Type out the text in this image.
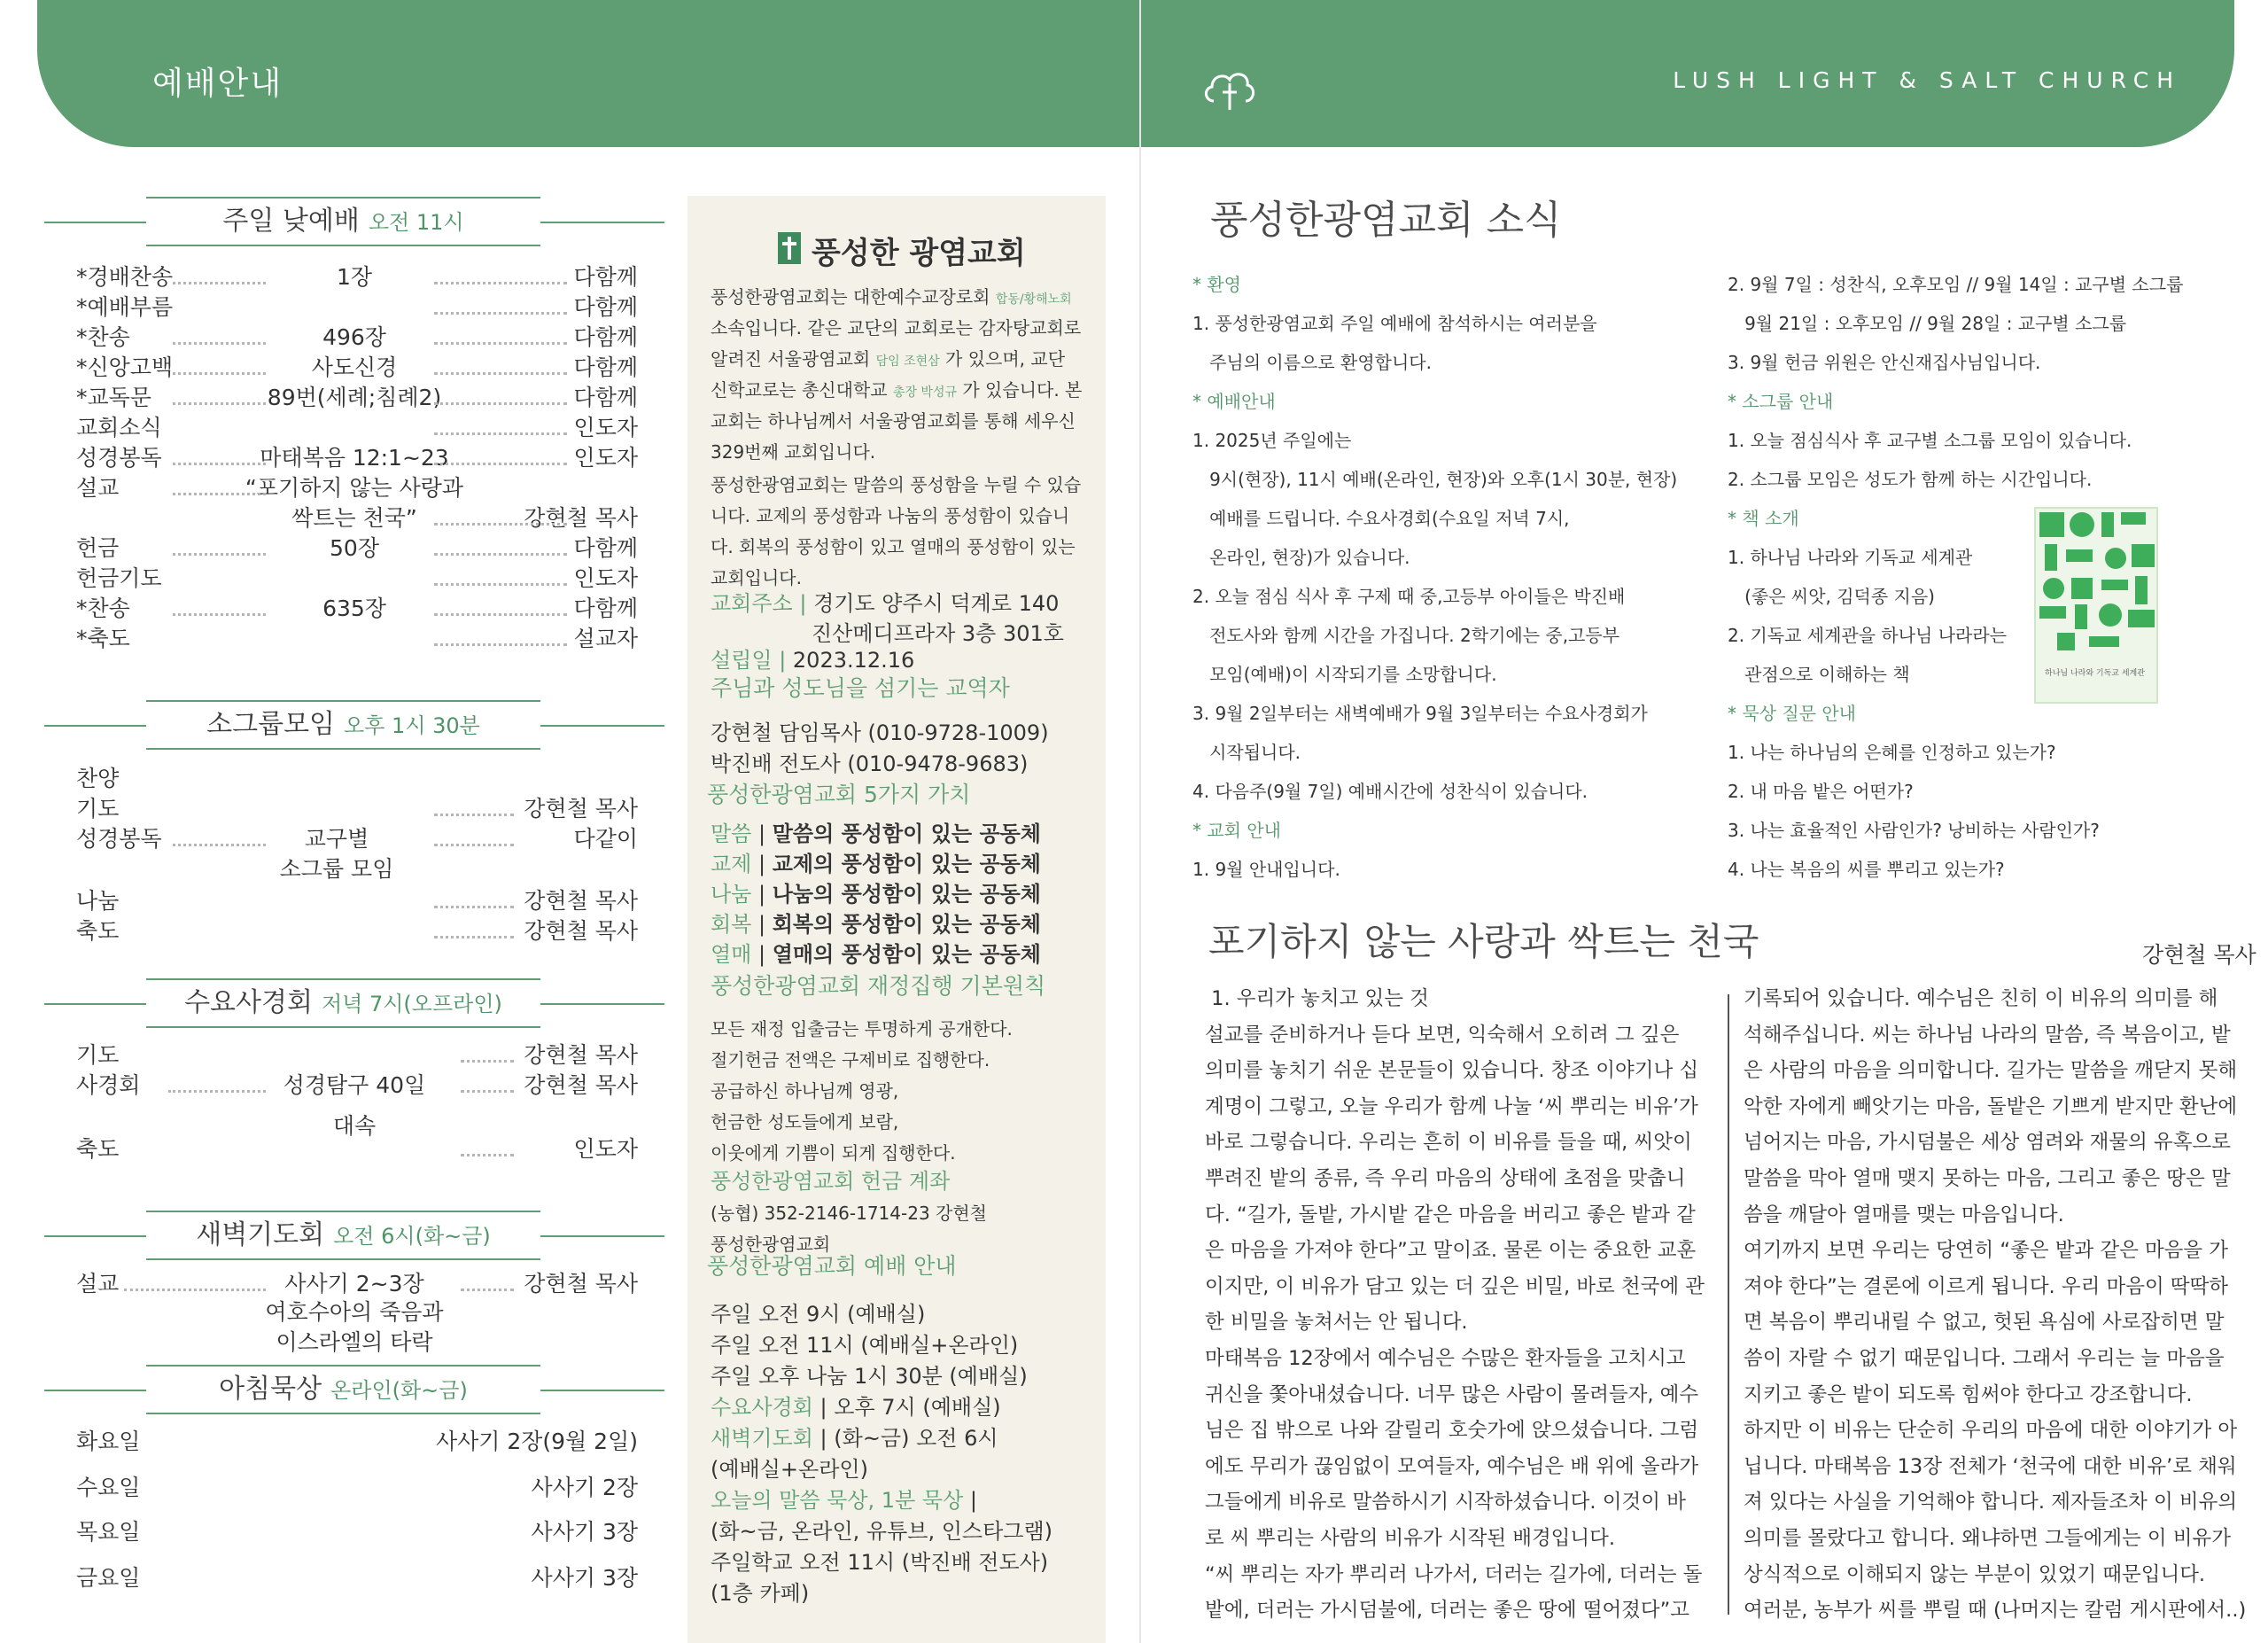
예배안내	LUSH LIGHT & SALT CHURCH
주일 낮예배 오전 11시
*경배찬송	1장	다함께
*예배부름	다함께
*찬송	496장	다함께
*신앙고백	사도신경	다함께
*교독문	89번(세례;침례2)	다함께
교회소식	인도자
성경봉독	마태복음 12:1~23	인도자
설교	“포기하지 않는 사랑과
싹트는 천국”	강현철 목사
헌금	50장	다함께
헌금기도	인도자
*찬송	635장	다함께
*축도	설교자
소그룹모임 오후 1시 30분
찬양
기도	강현철 목사
성경봉독	교구별	다같이
소그룹 모임
나눔	강현철 목사
축도	강현철 목사
수요사경회 저녁 7시(오프라인)
기도	강현철 목사
사경회	성경탐구 40일	강현철 목사
대속
축도	인도자
새벽기도회 오전 6시(화~금)
설교	사사기 2~3장	강현철 목사
여호수아의 죽음과
이스라엘의 타락
아침묵상 온라인(화~금)
화요일	사사기 2장(9월 2일)
수요일	사사기 2장
목요일	사사기 3장
금요일	사사기 3장
풍성한 광염교회
풍성한광염교회는 대한예수교장로회 합동/황해노회
소속입니다. 같은 교단의 교회로는 감자탕교회로
알려진 서울광염교회 담임 조현삼 가 있으며, 교단
신학교로는 총신대학교 총장 박성규 가 있습니다. 본
교회는 하나님께서 서울광염교회를 통해 세우신
329번째 교회입니다.
풍성한광염교회는 말씀의 풍성함을 누릴 수 있습
니다. 교제의 풍성함과 나눔의 풍성함이 있습니
다. 회복의 풍성함이 있고 열매의 풍성함이 있는
교회입니다.
교회주소 | 경기도 양주시 덕계로 140
진산메디프라자 3층 301호
설립일 | 2023.12.16
주님과 성도님을 섬기는 교역자
강현철 담임목사 (010-9728-1009)
박진배 전도사 (010-9478-9683)
풍성한광염교회 5가지 가치
말씀 | 말씀의 풍성함이 있는 공동체
교제 | 교제의 풍성함이 있는 공동체
나눔 | 나눔의 풍성함이 있는 공동체
회복 | 회복의 풍성함이 있는 공동체
열매 | 열매의 풍성함이 있는 공동체
풍성한광염교회 재정집행 기본원칙
모든 재정 입출금는 투명하게 공개한다.
절기헌금 전액은 구제비로 집행한다.
공급하신 하나님께 영광,
헌금한 성도들에게 보람,
이웃에게 기쁨이 되게 집행한다.
풍성한광염교회 헌금 계좌
(농협) 352-2146-1714-23 강현철
풍성한광염교회
풍성한광염교회 예배 안내
주일 오전 9시 (예배실)
주일 오전 11시 (예배실+온라인)
주일 오후 나눔 1시 30분 (예배실)
수요사경회 | 오후 7시 (예배실)
새벽기도회 | (화~금) 오전 6시
(예배실+온라인)
오늘의 말씀 묵상, 1분 묵상 |
(화~금, 온라인, 유튜브, 인스타그램)
주일학교 오전 11시 (박진배 전도사)
(1층 카페)
풍성한광염교회 소식
* 환영
1. 풍성한광염교회 주일 예배에 참석하시는 여러분을
주님의 이름으로 환영합니다.
* 예배안내
1. 2025년 주일에는
9시(현장), 11시 예배(온라인, 현장)와 오후(1시 30분, 현장)
예배를 드립니다. 수요사경회(수요일 저녁 7시,
온라인, 현장)가 있습니다.
2. 오늘 점심 식사 후 구제 때 중,고등부 아이들은 박진배
전도사와 함께 시간을 가집니다. 2학기에는 중,고등부
모임(예배)이 시작되기를 소망합니다.
3. 9월 2일부터는 새벽예배가 9월 3일부터는 수요사경회가
시작됩니다.
4. 다음주(9월 7일) 예배시간에 성찬식이 있습니다.
* 교회 안내
1. 9월 안내입니다.
2. 9월 7일 : 성찬식, 오후모임 // 9월 14일 : 교구별 소그룹
9월 21일 : 오후모임 // 9월 28일 : 교구별 소그룹
3. 9월 헌금 위원은 안신재집사님입니다.
* 소그룹 안내
1. 오늘 점심식사 후 교구별 소그룹 모임이 있습니다.
2. 소그룹 모임은 성도가 함께 하는 시간입니다.
* 책 소개
1. 하나님 나라와 기독교 세계관
(좋은 씨앗, 김덕종 지음)
2. 기독교 세계관을 하나님 나라라는
관점으로 이해하는 책
* 묵상 질문 안내
1. 나는 하나님의 은혜를 인정하고 있는가?
2. 내 마음 밭은 어떤가?
3. 나는 효율적인 사람인가? 낭비하는 사람인가?
4. 나는 복음의 씨를 뿌리고 있는가?
하나님 나라와 기독교 세계관
포기하지 않는 사랑과 싹트는 천국	강현철 목사
1. 우리가 놓치고 있는 것
설교를 준비하거나 듣다 보면, 익숙해서 오히려 그 깊은
의미를 놓치기 쉬운 본문들이 있습니다. 창조 이야기나 십
계명이 그렇고, 오늘 우리가 함께 나눌 ‘씨 뿌리는 비유’가
바로 그렇습니다. 우리는 흔히 이 비유를 들을 때, 씨앗이
뿌려진 밭의 종류, 즉 우리 마음의 상태에 초점을 맞춥니
다. “길가, 돌밭, 가시밭 같은 마음을 버리고 좋은 밭과 같
은 마음을 가져야 한다”고 말이죠. 물론 이는 중요한 교훈
이지만, 이 비유가 담고 있는 더 깊은 비밀, 바로 천국에 관
한 비밀을 놓쳐서는 안 됩니다.
마태복음 12장에서 예수님은 수많은 환자들을 고치시고
귀신을 쫓아내셨습니다. 너무 많은 사람이 몰려들자, 예수
님은 집 밖으로 나와 갈릴리 호숫가에 앉으셨습니다. 그럼
에도 무리가 끊임없이 모여들자, 예수님은 배 위에 올라가
그들에게 비유로 말씀하시기 시작하셨습니다. 이것이 바
로 씨 뿌리는 사람의 비유가 시작된 배경입니다.
“씨 뿌리는 자가 뿌리러 나가서, 더러는 길가에, 더러는 돌
밭에, 더러는 가시덤불에, 더러는 좋은 땅에 떨어졌다”고
기록되어 있습니다. 예수님은 친히 이 비유의 의미를 해
석해주십니다. 씨는 하나님 나라의 말씀, 즉 복음이고, 밭
은 사람의 마음을 의미합니다. 길가는 말씀을 깨닫지 못해
악한 자에게 빼앗기는 마음, 돌밭은 기쁘게 받지만 환난에
넘어지는 마음, 가시덤불은 세상 염려와 재물의 유혹으로
말씀을 막아 열매 맺지 못하는 마음, 그리고 좋은 땅은 말
씀을 깨달아 열매를 맺는 마음입니다.
여기까지 보면 우리는 당연히 “좋은 밭과 같은 마음을 가
져야 한다”는 결론에 이르게 됩니다. 우리 마음이 딱딱하
면 복음이 뿌리내릴 수 없고, 헛된 욕심에 사로잡히면 말
씀이 자랄 수 없기 때문입니다. 그래서 우리는 늘 마음을
지키고 좋은 밭이 되도록 힘써야 한다고 강조합니다.
하지만 이 비유는 단순히 우리의 마음에 대한 이야기가 아
닙니다. 마태복음 13장 전체가 ‘천국에 대한 비유’로 채워
져 있다는 사실을 기억해야 합니다. 제자들조차 이 비유의
의미를 몰랐다고 합니다. 왜냐하면 그들에게는 이 비유가
상식적으로 이해되지 않는 부분이 있었기 때문입니다.
여러분, 농부가 씨를 뿌릴 때 (나머지는 칼럼 게시판에서..)
